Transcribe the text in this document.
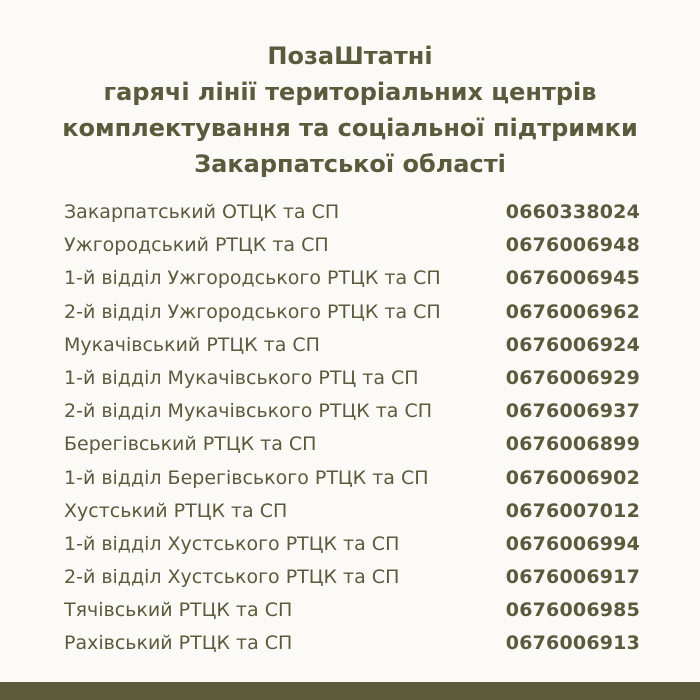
ПозаШтатні
гарячі лінії територіальних центрів
комплектування та соціальної підтримки
Закарпатської області
Закарпатський ОТЦК та СП	0660338024
Ужгородський РТЦК та СП	0676006948
1-й відділ Ужгородського РТЦК та СП	0676006945
2-й відділ Ужгородського РТЦК та СП	0676006962
Мукачівський РТЦК та СП	0676006924
1-й відділ Мукачівського РТЦ та СП	0676006929
2-й відділ Мукачівського РТЦК та СП	0676006937
Берегівський РТЦК та СП	0676006899
1-й відділ Берегівського РТЦК та СП	0676006902
Хустський РТЦК та СП	0676007012
1-й відділ Хустського РТЦК та СП	0676006994
2-й відділ Хустського РТЦК та СП	0676006917
Тячівський РТЦК та СП	0676006985
Рахівський РТЦК та СП	0676006913
